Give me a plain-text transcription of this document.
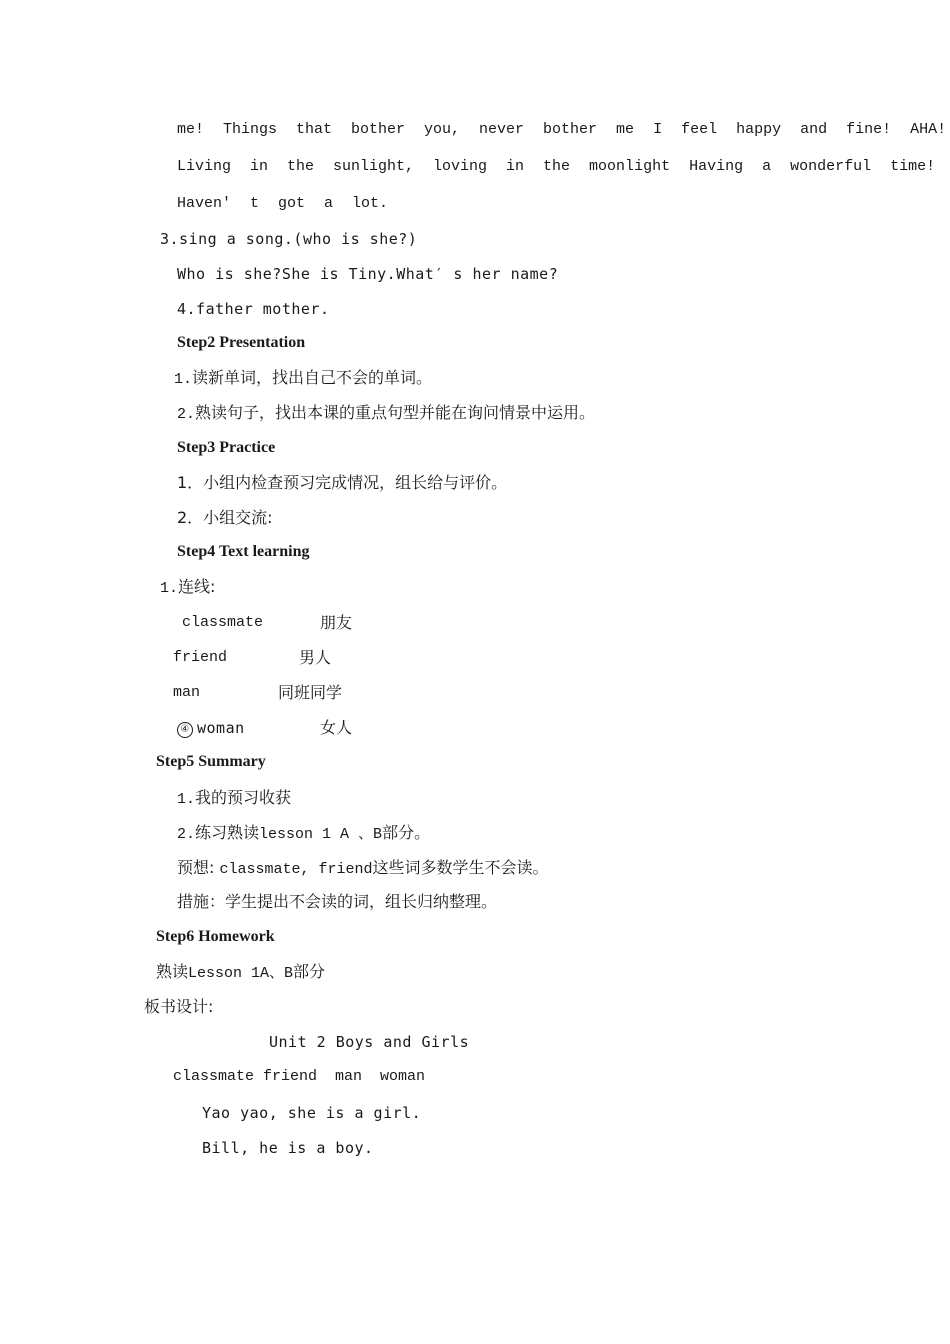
me! Things that bother you, never bother me I feel happy and fine! AHA!
Living in the sunlight, loving in the moonlight Having a wonderful time!
Haven′ t got a lot.
3.sing a song.(who is she?)
Who is she?She is Tiny.What′ s her name?
4.father mother.
Step2 Presentation
1.读新单词，找出自己不会的单词。
2.熟读句子，找出本课的重点句型并能在询问情景中运用。
Step3 Practice
1．小组内检查预习完成情况，组长给与评价。
2．小组交流:
Step4 Text learning
1.连线:
classmate	朋友
friend	男人
man	同班同学
④ woman	女人
Step5 Summary
1.我的预习收获
2.练习熟读lesson 1 A 、B部分。
预想: classmate, friend这些词多数学生不会读。
措施：学生提出不会读的词，组长归纳整理。
Step6 Homework
熟读Lesson 1A、B部分
板书设计:
Unit 2 Boys and Girls
classmate friend  man  woman
Yao yao, she is a girl.
Bill, he is a boy.
